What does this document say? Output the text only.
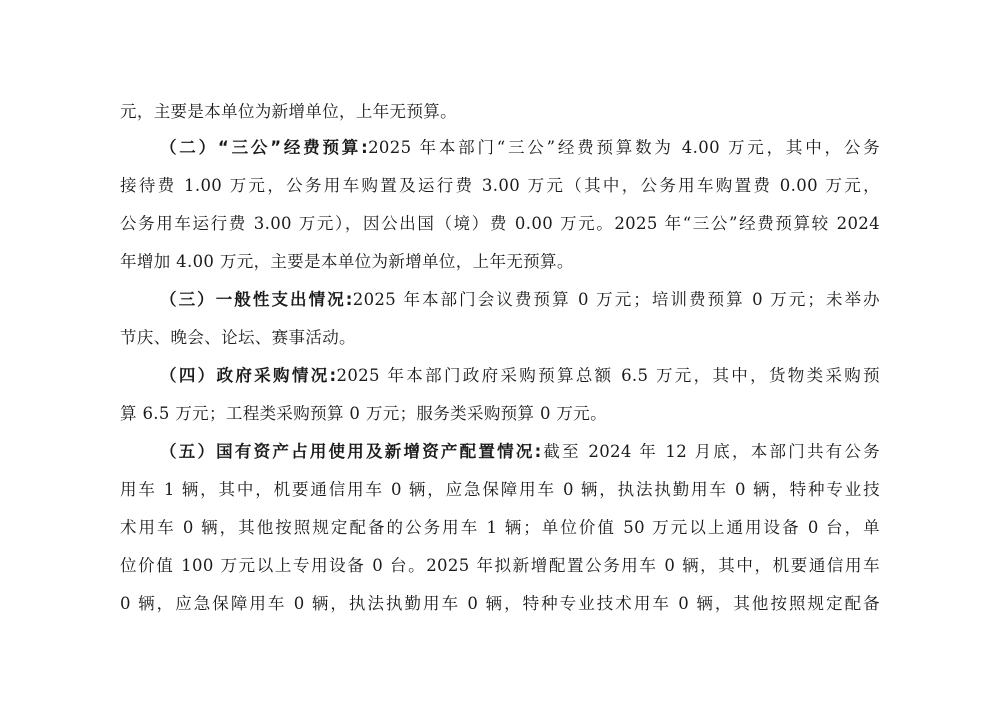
元，主要是本单位为新增单位，上年无预算。
（二）“三公”经费预算:2025 年本部门“三公”经费预算数为 4.00 万元，其中，公务
接待费 1.00 万元，公务用车购置及运行费 3.00 万元（其中，公务用车购置费 0.00 万元，
公务用车运行费 3.00 万元），因公出国（境）费 0.00 万元。2025 年“三公”经费预算较 2024
年增加 4.00 万元，主要是本单位为新增单位，上年无预算。
（三）一般性支出情况:2025 年本部门会议费预算 0 万元；培训费预算 0 万元；未举办
节庆、晚会、论坛、赛事活动。
（四）政府采购情况:2025 年本部门政府采购预算总额 6.5 万元，其中，货物类采购预
算 6.5 万元；工程类采购预算 0 万元；服务类采购预算 0 万元。
（五）国有资产占用使用及新增资产配置情况:截至 2024 年 12 月底，本部门共有公务
用车 1 辆，其中，机要通信用车 0 辆，应急保障用车 0 辆，执法执勤用车 0 辆，特种专业技
术用车 0 辆，其他按照规定配备的公务用车 1 辆；单位价值 50 万元以上通用设备 0 台，单
位价值 100 万元以上专用设备 0 台。2025 年拟新增配置公务用车 0 辆，其中，机要通信用车
0 辆，应急保障用车 0 辆，执法执勤用车 0 辆，特种专业技术用车 0 辆，其他按照规定配备
